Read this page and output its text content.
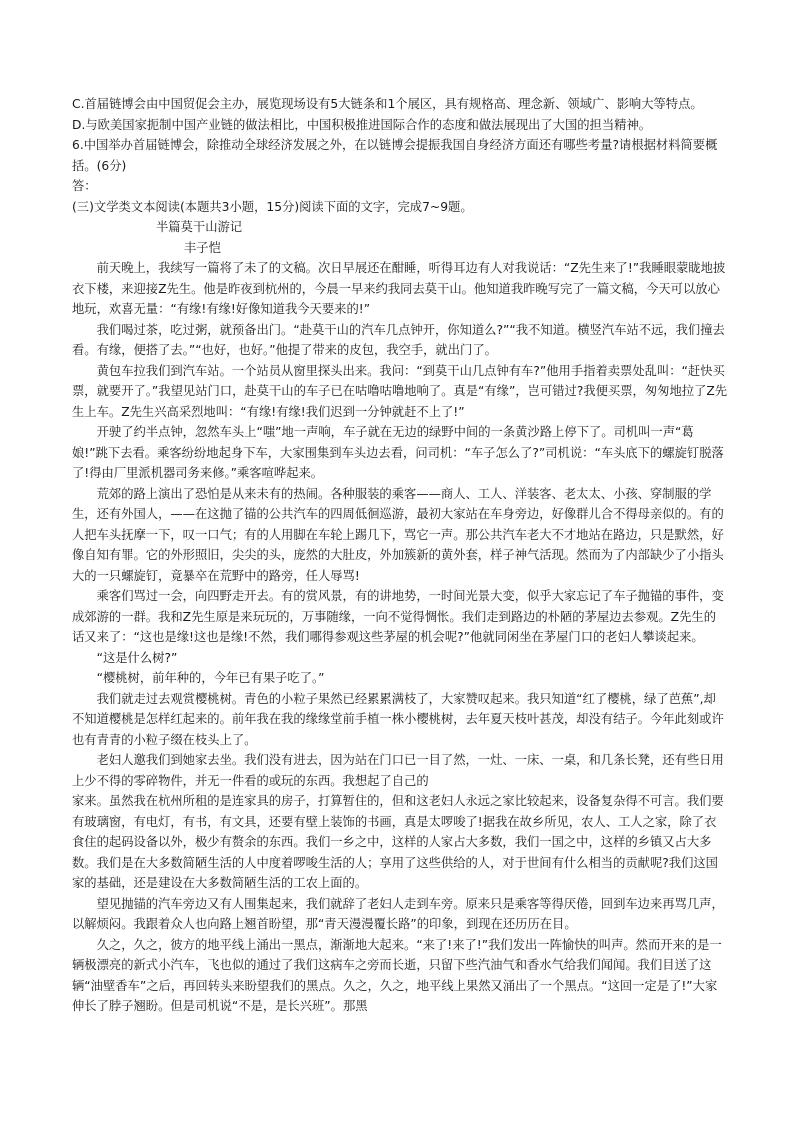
C.首届链博会由中国贸促会主办，展览现场设有5大链条和1个展区，具有规格高、理念新、领域广、影响大等特点。

D.与欧美国家扼制中国产业链的做法相比，中国积极推进国际合作的态度和做法展现出了大国的担当精神。

6.中国举办首届链博会，除推动全球经济发展之外，在以链博会提振我国自身经济方面还有哪些考量?请根据材料简要概括。(6分)

答：

(三)文学类文本阅读(本题共3小题，15分)阅读下面的文字，完成7~9题。

半篇莫干山游记

丰子恺

前天晚上，我续写一篇将了未了的文稿。次日早展还在酣睡，听得耳边有人对我说话：“Z先生来了!”我睡眼蒙眬地披衣下楼，来迎接Z先生。他是昨夜到杭州的，今晨一早来约我同去莫干山。他知道我昨晚写完了一篇文稿，今天可以放心地玩，欢喜无量：“有缘!有缘!好像知道我今天要来的!”

我们喝过茶，吃过粥，就预备出门。“赴莫干山的汽车几点钟开，你知道么?”“我不知道。横竖汽车站不远，我们撞去看。有缘，便搭了去。”“也好，也好。”他提了带来的皮包，我空手，就出门了。

黄包车拉我们到汽车站。一个站员从窗里探头出来。我问：“到莫干山几点钟有车?”他用手指着卖票处乱叫：“赶快买票，就要开了。”我望见站门口，赴莫干山的车子已在咕噜咕噜地响了。真是“有缘”，岂可错过?我便买票，匆匆地拉了Z先生上车。Z先生兴高采烈地叫：“有缘!有缘!我们迟到一分钟就赶不上了!”

开驶了约半点钟，忽然车头上“嗤”地一声响，车子就在无边的绿野中间的一条黄沙路上停下了。司机叫一声“葛娘!”跳下去看。乘客纷纷地起身下车，大家围集到车头边去看，问司机：“车子怎么了?”司机说：“车头底下的螺旋钉脱落了!得由厂里派机器司务来修。”乘客喧哗起来。

荒郊的路上演出了恐怕是从来未有的热闹。各种服装的乘客——商人、工人、洋装客、老太太、小孩、穿制服的学生，还有外国人，——在这抛了锚的公共汽车的四周低徊巡游，最初大家站在车身旁边，好像群儿合不得母亲似的。有的人把车头抚摩一下，叹一口气；有的人用脚在车轮上踢几下，骂它一声。那公共汽车老大不才地站在路边，只是默然，好像自知有罪。它的外形照旧，尖尖的头，庞然的大肚皮，外加簇新的黄外套，样子神气活现。然而为了内部缺少了小指头大的一只螺旋钉，竟暴卒在荒野中的路旁，任人辱骂!

乘客们骂过一会，向四野走开去。有的赏风景，有的讲地势，一时间光景大变，似乎大家忘记了车子抛锚的事件，变成郊游的一群。我和Z先生原是来玩玩的，万事随缘，一向不觉得惆怅。我们走到路边的朴陋的茅屋边去参观。Z先生的话又来了：“这也是缘!这也是缘!不然，我们哪得参观这些茅屋的机会呢?”他就同闲坐在茅屋门口的老妇人攀谈起来。

“这是什么树?”

“樱桃树，前年种的，今年已有果子吃了。”

我们就走过去观赏樱桃树。青色的小粒子果然已经累累满枝了，大家赞叹起来。我只知道“红了樱桃，绿了芭蕉”,却不知道樱桃是怎样红起来的。前年我在我的缘缘堂前手植一株小樱桃树，去年夏天枝叶甚茂，却没有结子。今年此刻或许也有青青的小粒子缀在枝头上了。

老妇人邀我们到她家去坐。我们没有进去，因为站在门口已一目了然，一灶、一床、一桌，和几条长凳，还有些日用上少不得的零碎物件，并无一件看的或玩的东西。我想起了自己的

家来。虽然我在杭州所租的是连家具的房子，打算暂住的，但和这老妇人永远之家比较起来，设备复杂得不可言。我们要有玻璃窗，有电灯，有书，有文具，还要有壁上装饰的书画，真是太啰唆了!据我在故乡所见，农人、工人之家，除了衣食住的起码设备以外，极少有赘余的东西。我们一乡之中，这样的人家占大多数，我们一国之中，这样的乡镇又占大多数。我们是在大多数简陋生活的人中度着啰唆生活的人；享用了这些供给的人，对于世间有什么相当的贡献呢?我们这国家的基础，还是建设在大多数简陋生活的工农上面的。

望见抛锚的汽车旁边又有人围集起来，我们就辞了老妇人走到车旁。原来只是乘客等得厌倦，回到车边来再骂几声，以解烦闷。我跟着众人也向路上翘首盼望，那“青天漫漫覆长路”的印象，到现在还历历在目。

久之，久之，彼方的地平线上涌出一黑点，渐渐地大起来。“来了!来了!”我们发出一阵愉快的叫声。然而开来的是一辆极漂亮的新式小汽车，飞也似的通过了我们这病车之旁而长逝，只留下些汽油气和香水气给我们闻闻。我们目送了这辆“油壁香车”之后，再回转头来盼望我们的黑点。久之，久之，地平线上果然又涌出了一个黑点。“这回一定是了!”大家伸长了脖子翘盼。但是司机说“不是，是长兴班”。那黑
